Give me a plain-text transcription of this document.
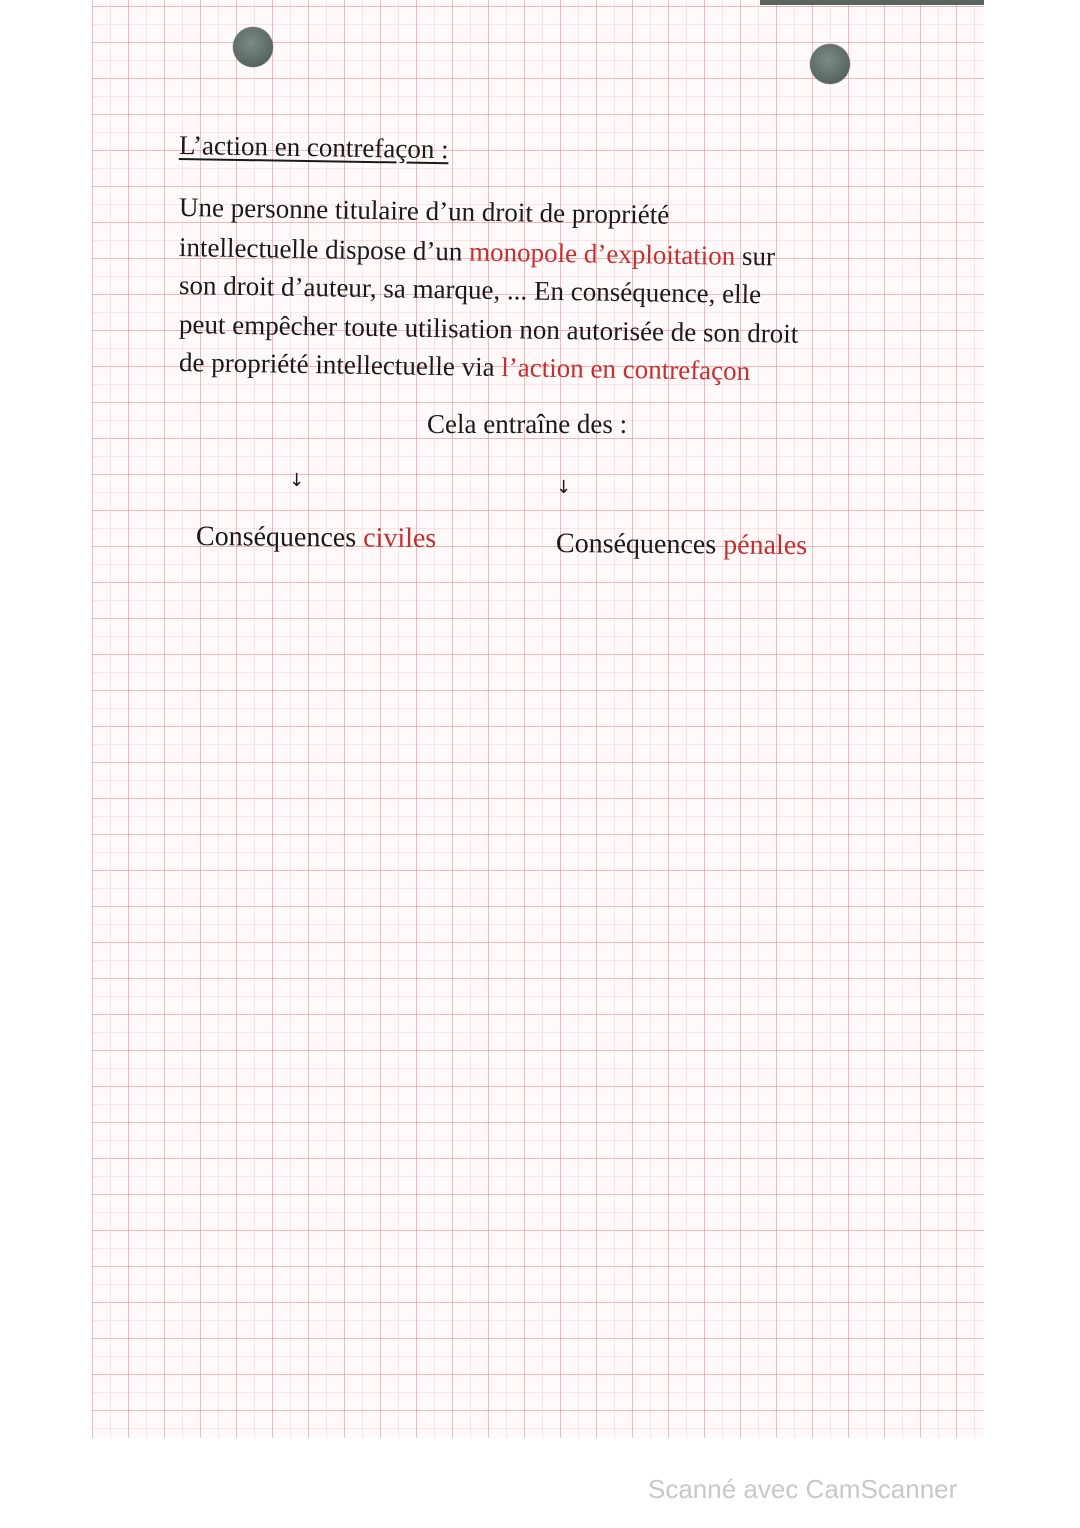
L’action en contrefaçon :

Une personne titulaire d’un droit de propriété

intellectuelle dispose d’un monopole d’exploitation sur

son droit d’auteur, sa marque, ... En conséquence, elle

peut empêcher toute utilisation non autorisée de son droit

de propriété intellectuelle via l’action en contrefaçon

Cela entraîne des :

↓	↓

Conséquences civiles	Conséquences pénales

Scanné avec CamScanner
